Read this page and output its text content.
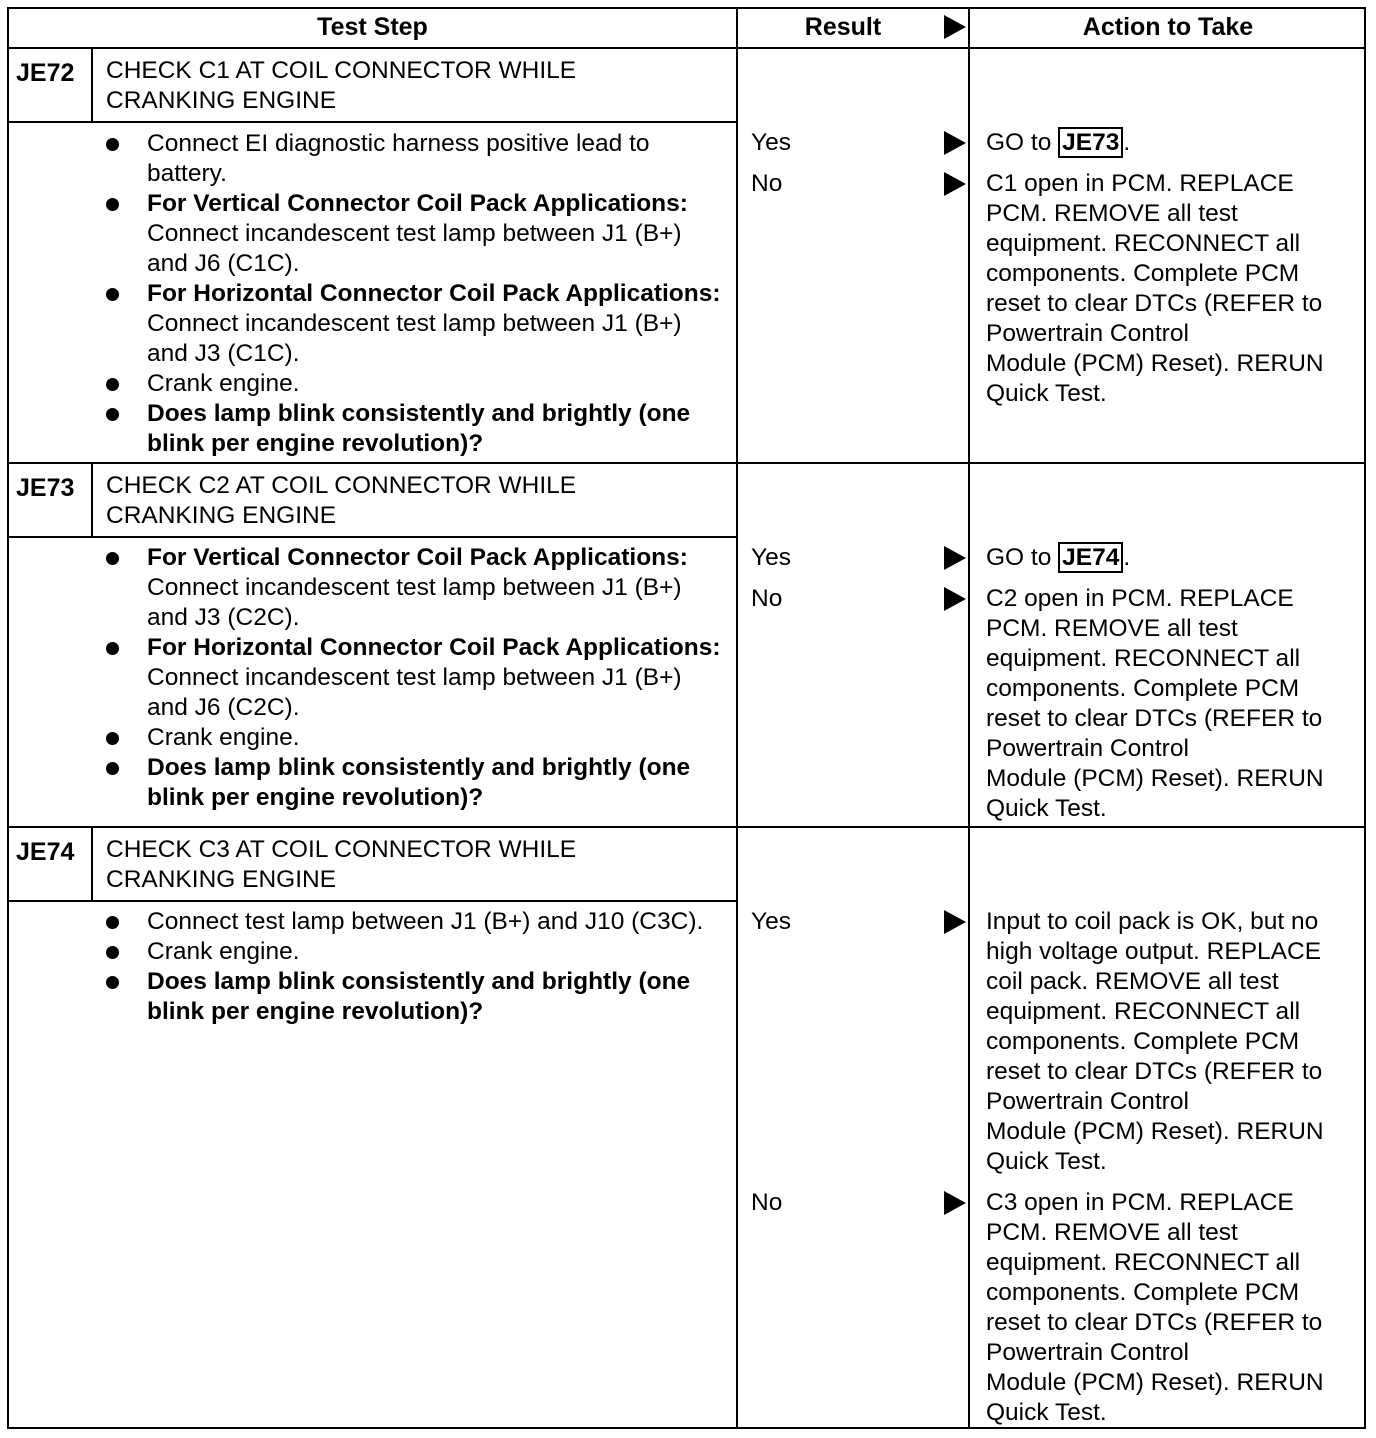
Test Step	Result	Action to Take
JE72 CHECK C1 AT COIL CONNECTOR WHILE
CRANKING ENGINE
Connect EI diagnostic harness positive lead to battery.
For Vertical Connector Coil Pack Applications: Connect incandescent test lamp between J1 (B+) and J6 (C1C).
For Horizontal Connector Coil Pack Applications: Connect incandescent test lamp between J1 (B+) and J3 (C1C).
Crank engine.
Does lamp blink consistently and brightly (one blink per engine revolution)?
Yes	GO to JE73 .
No	C1 open in PCM. REPLACE
PCM. REMOVE all test
equipment. RECONNECT all
components. Complete PCM
reset to clear DTCs (REFER to
Powertrain Control
Module (PCM) Reset). RERUN
Quick Test.
JE73 CHECK C2 AT COIL CONNECTOR WHILE
CRANKING ENGINE
For Vertical Connector Coil Pack Applications: Connect incandescent test lamp between J1 (B+) and J3 (C2C).
For Horizontal Connector Coil Pack Applications: Connect incandescent test lamp between J1 (B+) and J6 (C2C).
Crank engine.
Does lamp blink consistently and brightly (one blink per engine revolution)?
Yes	GO to JE74 .
No	C2 open in PCM. REPLACE
PCM. REMOVE all test
equipment. RECONNECT all
components. Complete PCM
reset to clear DTCs (REFER to
Powertrain Control
Module (PCM) Reset). RERUN
Quick Test.
JE74 CHECK C3 AT COIL CONNECTOR WHILE
CRANKING ENGINE
Connect test lamp between J1 (B+) and J10 (C3C).
Crank engine.
Does lamp blink consistently and brightly (one blink per engine revolution)?
Yes	Input to coil pack is OK, but no
high voltage output. REPLACE
coil pack. REMOVE all test
equipment. RECONNECT all
components. Complete PCM
reset to clear DTCs (REFER to
Powertrain Control
Module (PCM) Reset). RERUN
Quick Test.
No	C3 open in PCM. REPLACE
PCM. REMOVE all test
equipment. RECONNECT all
components. Complete PCM
reset to clear DTCs (REFER to
Powertrain Control
Module (PCM) Reset). RERUN
Quick Test.
